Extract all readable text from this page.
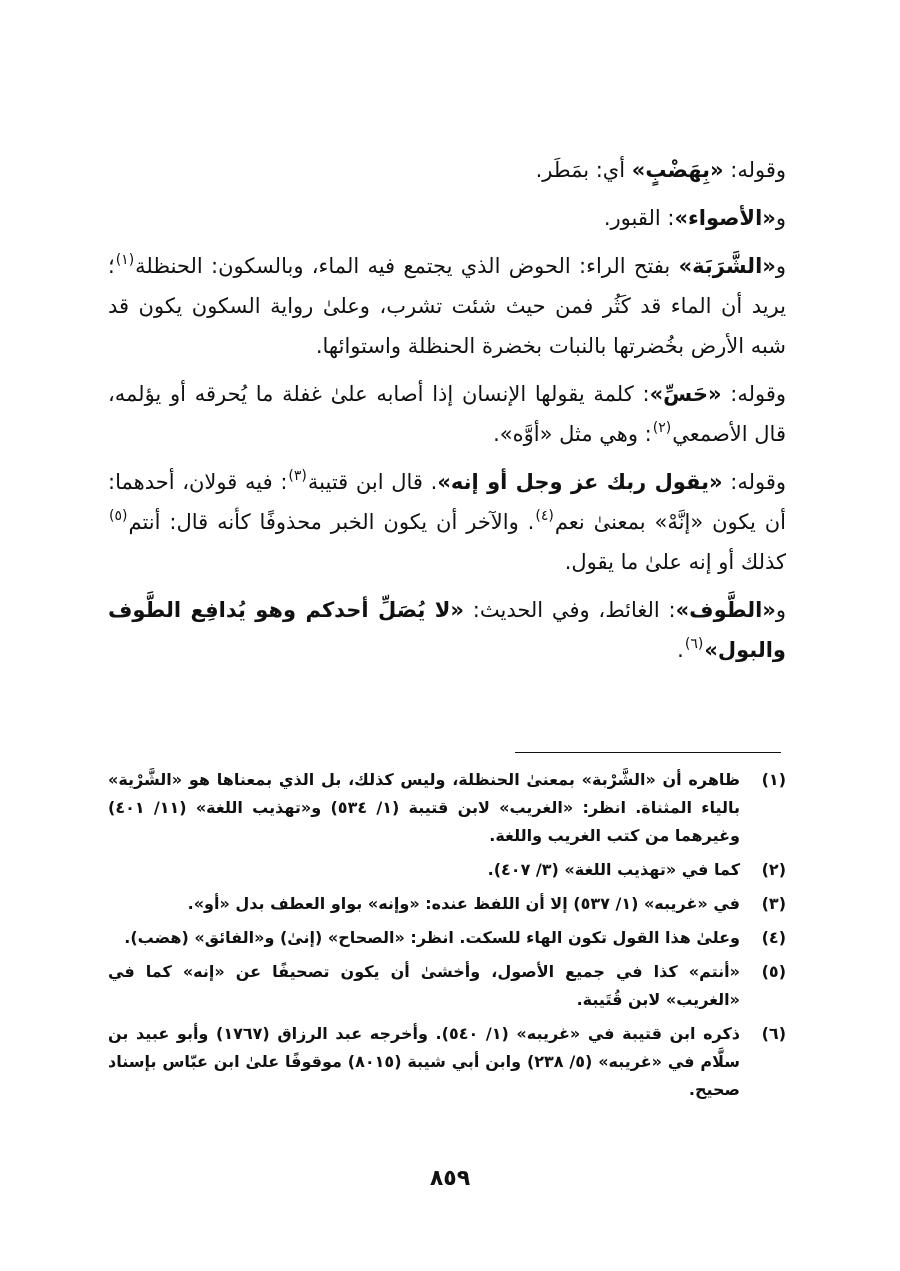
وقوله: «بِهَضْبٍ» أي: بمَطَر.

و«الأصواء»: القبور.

و«الشَّرَبَة» بفتح الراء: الحوض الذي يجتمع فيه الماء، وبالسكون: الحنظلة$^{(١)}$؛ يريد أن الماء قد كَثُر فمن حيث شئت تشرب، وعلىٰ رواية السكون يكون قد شبه الأرض بخُضرتها بالنبات بخضرة الحنظلة واستوائها.

وقوله: «حَسِّ»: كلمة يقولها الإنسان إذا أصابه علىٰ غفلة ما يُحرقه أو يؤلمه، قال الأصمعي$^{(٢)}$: وهي مثل «أوَّه».

وقوله: «يقول ربك عز وجل أو إنه». قال ابن قتيبة$^{(٣)}$: فيه قولان، أحدهما: أن يكون «إنَّهْ» بمعنىٰ نعم$^{(٤)}$. والآخر أن يكون الخبر محذوفًا كأنه قال: أنتم$^{(٥)}$ كذلك أو إنه علىٰ ما يقول.

و«الطَّوف»: الغائط، وفي الحديث: «لا يُصَلِّ أحدكم وهو يُدافِع الطَّوف والبول»$^{(٦)}$.

(١)
ظاهره أن «الشَّرْبة» بمعنىٰ الحنظلة، وليس كذلك، بل الذي بمعناها هو «الشَّرْية» بالياء المثناة. انظر: «الغريب» لابن قتيبة (١/ ٥٣٤) و«تهذيب اللغة» (١١/ ٤٠١) وغيرهما من كتب الغريب واللغة.
(٢)
كما في «تهذيب اللغة» (٣/ ٤٠٧).
(٣)
في «غريبه» (١/ ٥٣٧) إلا أن اللفظ عنده: «وإنه» بواو العطف بدل «أو».
(٤)
وعلىٰ هذا القول تكون الهاء للسكت. انظر: «الصحاح» (إنىٰ) و«الفائق» (هضب).
(٥)
«أنتم» كذا في جميع الأصول، وأخشىٰ أن يكون تصحيفًا عن «إنه» كما في «الغريب» لابن قُتَيبة.
(٦)
ذكره ابن قتيبة في «غريبه» (١/ ٥٤٠). وأخرجه عبد الرزاق (١٧٦٧) وأبو عبيد بن سلَّام في «غريبه» (٥/ ٢٣٨) وابن أبي شيبة (٨٠١٥) موقوفًا علىٰ ابن عبّاس بإسناد صحيح.
٨٥٩
